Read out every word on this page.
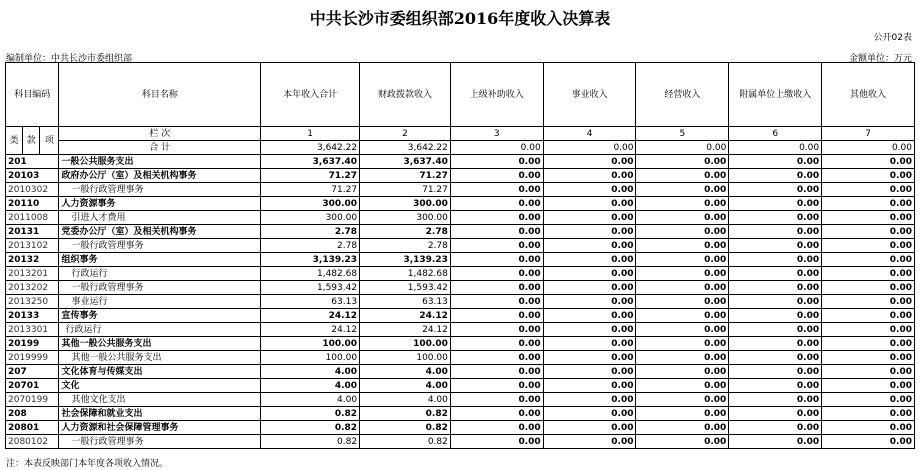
中共长沙市委组织部2016年度收入决算表
公开02表
编制单位：中共长沙市委组织部	金额单位：万元
科目编码			科目名称	本年收入合计	财政拨款收入	上级补助收入	事业收入	经营收入	附属单位上缴收入	其他收入
类	款	项	栏 次	1	2	3	4	5	6	7
			合 计	3,642.22	3,642.22	0.00	0.00	0.00	0.00	0.00
201			一般公共服务支出	3,637.40	3,637.40	0.00	0.00	0.00	0.00	0.00
20103			政府办公厅（室）及相关机构事务	71.27	71.27	0.00	0.00	0.00	0.00	0.00
2010302			一般行政管理事务	71.27	71.27	0.00	0.00	0.00	0.00	0.00
20110			人力资源事务	300.00	300.00	0.00	0.00	0.00	0.00	0.00
2011008			引进人才费用	300.00	300.00	0.00	0.00	0.00	0.00	0.00
20131			党委办公厅（室）及相关机构事务	2.78	2.78	0.00	0.00	0.00	0.00	0.00
2013102			一般行政管理事务	2.78	2.78	0.00	0.00	0.00	0.00	0.00
20132			组织事务	3,139.23	3,139.23	0.00	0.00	0.00	0.00	0.00
2013201			行政运行	1,482.68	1,482.68	0.00	0.00	0.00	0.00	0.00
2013202			一般行政管理事务	1,593.42	1,593.42	0.00	0.00	0.00	0.00	0.00
2013250			事业运行	63.13	63.13	0.00	0.00	0.00	0.00	0.00
20133			宣传事务	24.12	24.12	0.00	0.00	0.00	0.00	0.00
2013301			行政运行	24.12	24.12	0.00	0.00	0.00	0.00	0.00
20199			其他一般公共服务支出	100.00	100.00	0.00	0.00	0.00	0.00	0.00
2019999			其他一般公共服务支出	100.00	100.00	0.00	0.00	0.00	0.00	0.00
207			文化体育与传媒支出	4.00	4.00	0.00	0.00	0.00	0.00	0.00
20701			文化	4.00	4.00	0.00	0.00	0.00	0.00	0.00
2070199			其他文化支出	4.00	4.00	0.00	0.00	0.00	0.00	0.00
208			社会保障和就业支出	0.82	0.82	0.00	0.00	0.00	0.00	0.00
20801			人力资源和社会保障管理事务	0.82	0.82	0.00	0.00	0.00	0.00	0.00
2080102			一般行政管理事务	0.82	0.82	0.00	0.00	0.00	0.00	0.00
注：本表反映部门本年度各项收入情况。
